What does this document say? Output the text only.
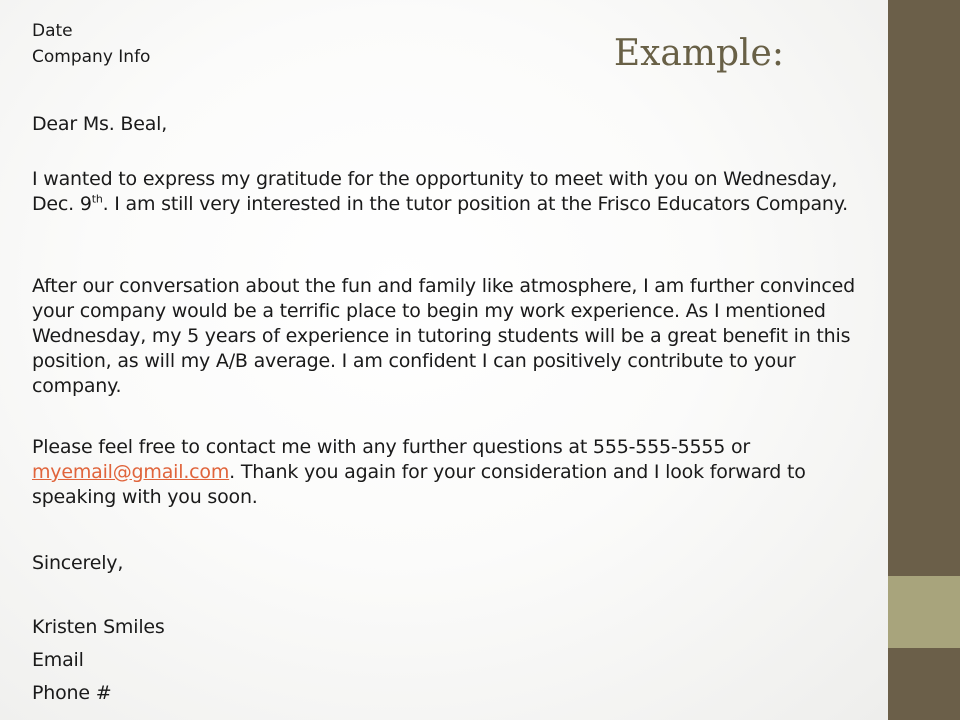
Date

Company Info	Example:

Dear Ms. Beal,

I wanted to express my gratitude for the opportunity to meet with you on Wednesday, Dec. 9th. I am still very interested in the tutor position at the Frisco Educators Company.

After our conversation about the fun and family like atmosphere, I am further convinced your company would be a terrific place to begin my work experience. As I mentioned Wednesday, my 5 years of experience in tutoring students will be a great benefit in this position, as will my A/B average. I am confident I can positively contribute to your company.

Please feel free to contact me with any further questions at 555-555-5555 or myemail@gmail.com. Thank you again for your consideration and I look forward to speaking with you soon.

Sincerely,

Kristen Smiles

Email

Phone #
